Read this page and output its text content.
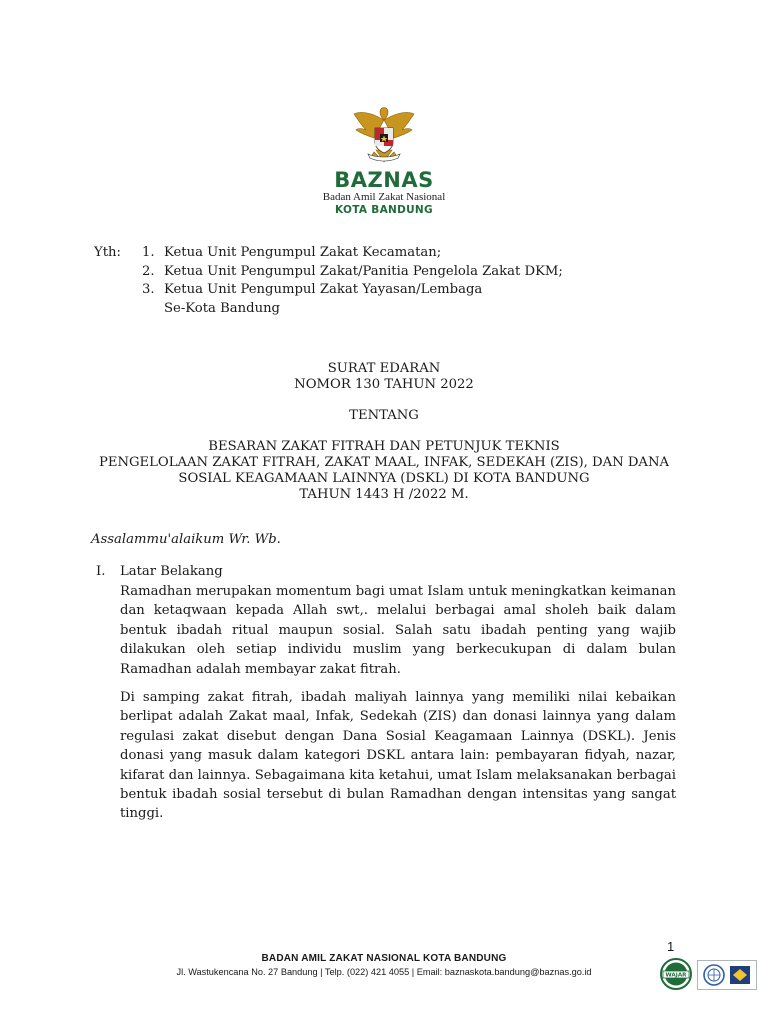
BAZNAS
Badan Amil Zakat Nasional
KOTA BANDUNG
Yth: 1. Ketua Unit Pengumpul Zakat Kecamatan;
2. Ketua Unit Pengumpul Zakat/Panitia Pengelola Zakat DKM;
3. Ketua Unit Pengumpul Zakat Yayasan/Lembaga
Se-Kota Bandung
SURAT EDARAN
NOMOR 130 TAHUN 2022
TENTANG
BESARAN ZAKAT FITRAH DAN PETUNJUK TEKNIS
PENGELOLAAN ZAKAT FITRAH, ZAKAT MAAL, INFAK, SEDEKAH (ZIS), DAN DANA
SOSIAL KEAGAMAAN LAINNYA (DSKL) DI KOTA BANDUNG
TAHUN 1443 H /2022 M.
Assalammu'alaikum Wr. Wb.
I. Latar Belakang

Ramadhan merupakan momentum bagi umat Islam untuk meningkatkan keimanan dan ketaqwaan kepada Allah swt,. melalui berbagai amal sholeh baik dalam bentuk ibadah ritual maupun sosial. Salah satu ibadah penting yang wajib dilakukan oleh setiap individu muslim yang berkecukupan di dalam bulan Ramadhan adalah membayar zakat fitrah.

Di samping zakat fitrah, ibadah maliyah lainnya yang memiliki nilai kebaikan berlipat adalah Zakat maal, Infak, Sedekah (ZIS) dan donasi lainnya yang dalam regulasi zakat disebut dengan Dana Sosial Keagamaan Lainnya (DSKL). Jenis donasi yang masuk dalam kategori DSKL antara lain: pembayaran fidyah, nazar, kifarat dan lainnya. Sebagaimana kita ketahui, umat Islam melaksanakan berbagai bentuk ibadah sosial tersebut di bulan Ramadhan dengan intensitas yang sangat tinggi.

1
BADAN AMIL ZAKAT NASIONAL KOTA BANDUNG
Jl. Wastukencana No. 27 Bandung | Telp. (022) 421 4055 | Email: baznaskota.bandung@baznas.go.id	WAJAR
